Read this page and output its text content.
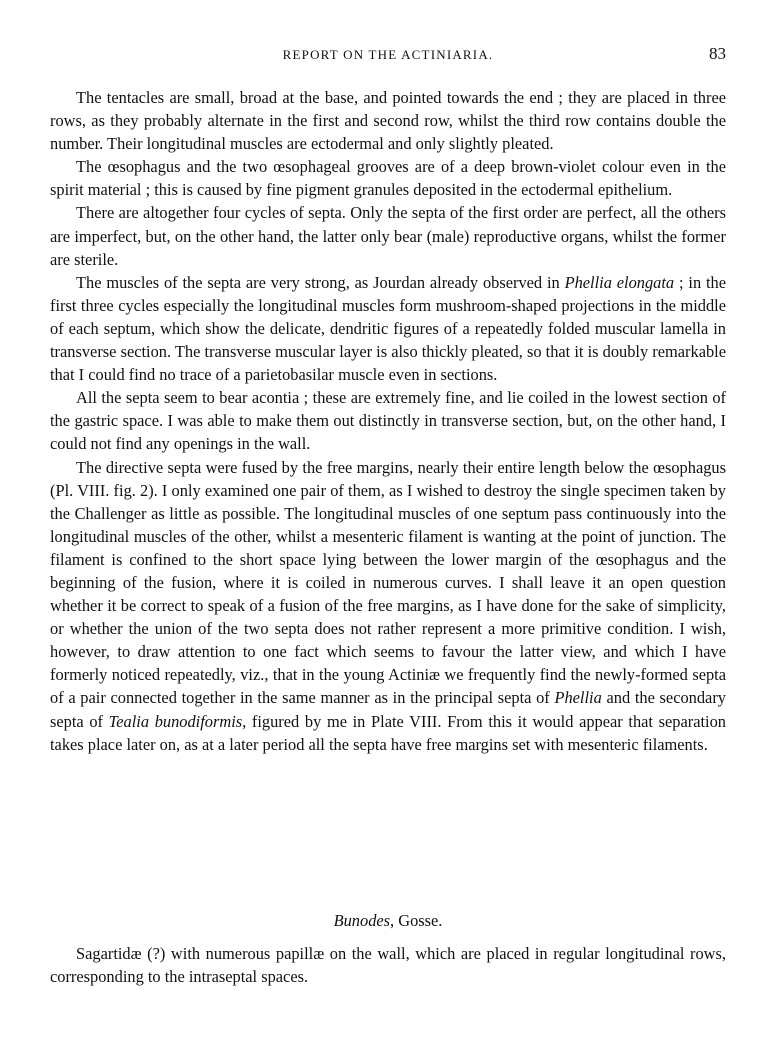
REPORT ON THE ACTINIARIA.	83

The tentacles are small, broad at the base, and pointed towards the end ; they are placed in three rows, as they probably alternate in the first and second row, whilst the third row contains double the number. Their longitudinal muscles are ectodermal and only slightly pleated.

The œsophagus and the two œsophageal grooves are of a deep brown-violet colour even in the spirit material ; this is caused by fine pigment granules deposited in the ectodermal epithelium.

There are altogether four cycles of septa. Only the septa of the first order are perfect, all the others are imperfect, but, on the other hand, the latter only bear (male) reproductive organs, whilst the former are sterile.

The muscles of the septa are very strong, as Jourdan already observed in Phellia elongata ; in the first three cycles especially the longitudinal muscles form mushroom-shaped projections in the middle of each septum, which show the delicate, dendritic figures of a repeatedly folded muscular lamella in transverse section. The transverse muscular layer is also thickly pleated, so that it is doubly remarkable that I could find no trace of a parietobasilar muscle even in sections.

All the septa seem to bear acontia ; these are extremely fine, and lie coiled in the lowest section of the gastric space. I was able to make them out distinctly in transverse section, but, on the other hand, I could not find any openings in the wall.

The directive septa were fused by the free margins, nearly their entire length below the œsophagus (Pl. VIII. fig. 2). I only examined one pair of them, as I wished to destroy the single specimen taken by the Challenger as little as possible. The longitudinal muscles of one septum pass continuously into the longitudinal muscles of the other, whilst a mesenteric filament is wanting at the point of junction. The filament is confined to the short space lying between the lower margin of the œsophagus and the beginning of the fusion, where it is coiled in numerous curves. I shall leave it an open question whether it be correct to speak of a fusion of the free margins, as I have done for the sake of simplicity, or whether the union of the two septa does not rather represent a more primitive condition. I wish, however, to draw attention to one fact which seems to favour the latter view, and which I have formerly noticed repeatedly, viz., that in the young Actiniæ we frequently find the newly-formed septa of a pair connected together in the same manner as in the principal septa of Phellia and the secondary septa of Tealia bunodiformis, figured by me in Plate VIII. From this it would appear that separation takes place later on, as at a later period all the septa have free margins set with mesenteric filaments.

Bunodes, Gosse.

Sagartidæ (?) with numerous papillæ on the wall, which are placed in regular longitudinal rows, corresponding to the intraseptal spaces.
